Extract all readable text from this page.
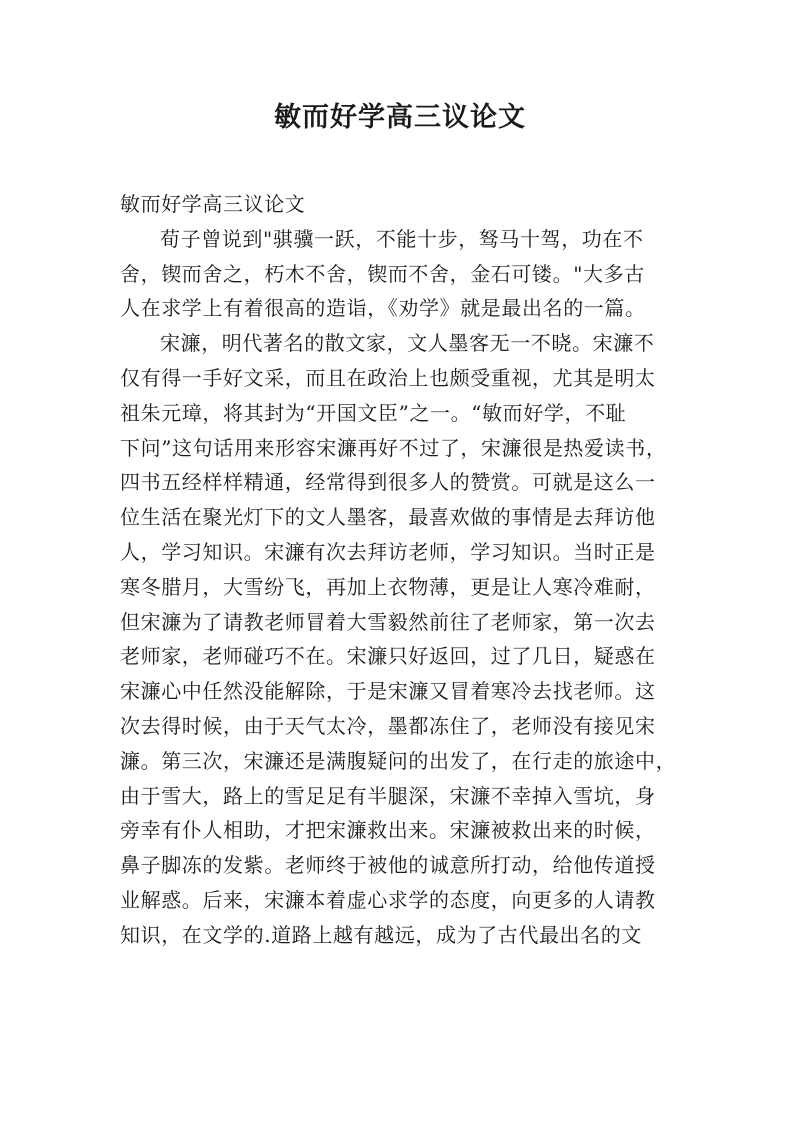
敏而好学高三议论文
敏而好学高三议论文
荀子曾说到"骐骥一跃，不能十步，驽马十驾，功在不
舍，锲而舍之，朽木不舍，锲而不舍，金石可镂。"大多古
人在求学上有着很高的造诣，《劝学》就是最出名的一篇。
宋濂，明代著名的散文家，文人墨客无一不晓。宋濂不
仅有得一手好文采，而且在政治上也颇受重视，尤其是明太
祖朱元璋，将其封为“开国文臣”之一。“敏而好学，不耻
下问”这句话用来形容宋濂再好不过了，宋濂很是热爱读书，
四书五经样样精通，经常得到很多人的赞赏。可就是这么一
位生活在聚光灯下的文人墨客，最喜欢做的事情是去拜访他
人，学习知识。宋濂有次去拜访老师，学习知识。当时正是
寒冬腊月，大雪纷飞，再加上衣物薄，更是让人寒冷难耐，
但宋濂为了请教老师冒着大雪毅然前往了老师家，第一次去
老师家，老师碰巧不在。宋濂只好返回，过了几日，疑惑在
宋濂心中任然没能解除，于是宋濂又冒着寒冷去找老师。这
次去得时候，由于天气太冷，墨都冻住了，老师没有接见宋
濂。第三次，宋濂还是满腹疑问的出发了，在行走的旅途中，
由于雪大，路上的雪足足有半腿深，宋濂不幸掉入雪坑，身
旁幸有仆人相助，才把宋濂救出来。宋濂被救出来的时候，
鼻子脚冻的发紫。老师终于被他的诚意所打动，给他传道授
业解惑。后来，宋濂本着虚心求学的态度，向更多的人请教
知识，在文学的.道路上越有越远，成为了古代最出名的文
